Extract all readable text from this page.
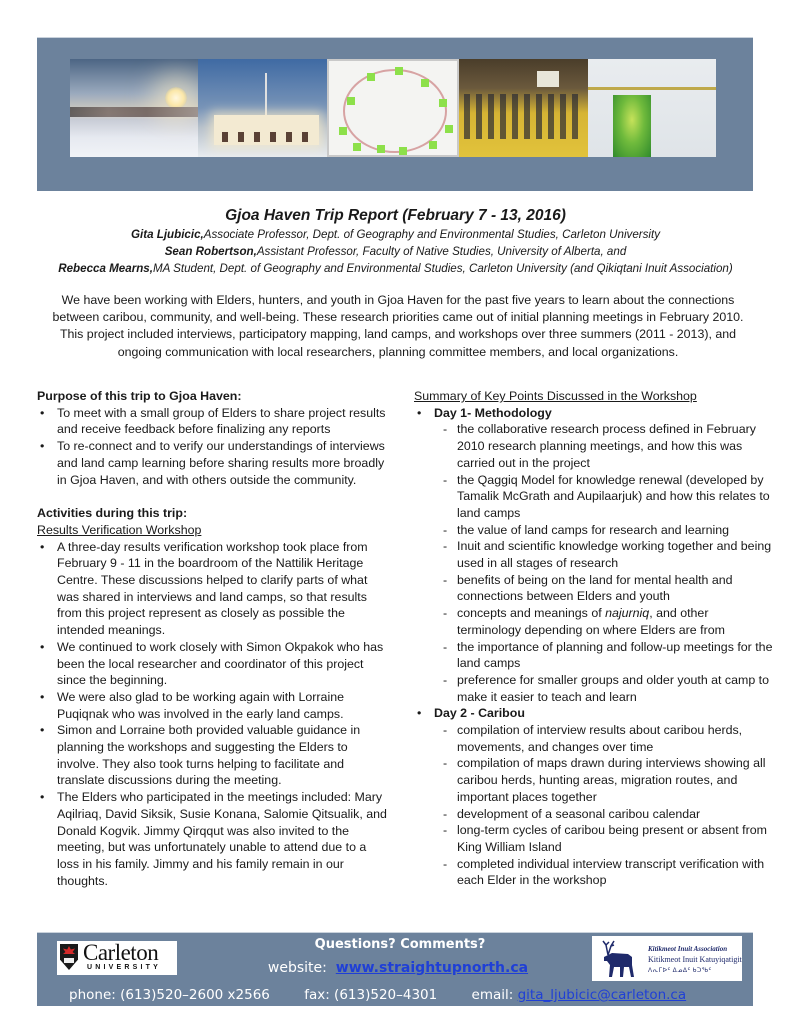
Gjoa Haven Trip Report (February 7 - 13, 2016)
Gita Ljubicic,Associate Professor, Dept. of Geography and Environmental Studies, Carleton University
Sean Robertson,Assistant Professor, Faculty of Native Studies, University of Alberta, and
Rebecca Mearns,MA Student, Dept. of Geography and Environmental Studies, Carleton University (and Qikiqtani Inuit Association)
We have been working with Elders, hunters, and youth in Gjoa Haven for the past five years to learn about the connections between caribou, community, and well-being. These research priorities came out of initial planning meetings in February 2010. This project included interviews, participatory mapping, land camps, and workshops over three summers (2011 - 2013), and ongoing communication with local researchers, planning committee members, and local organizations.
Purpose of this trip to Gjoa Haven:
• To meet with a small group of Elders to share project results and receive feedback before finalizing any reports
• To re-connect and to verify our understandings of interviews and land camp learning before sharing results more broadly in Gjoa Haven, and with others outside the community.
Activities during this trip:
Results Verification Workshop
• A three-day results verification workshop took place from February 9 - 11 in the boardroom of the Nattilik Heritage Centre. These discussions helped to clarify parts of what was shared in interviews and land camps, so that results from this project represent as closely as possible the intended meanings.
• We continued to work closely with Simon Okpakok who has been the local researcher and coordinator of this project since the beginning.
• We were also glad to be working again with Lorraine Puqiqnak who was involved in the early land camps.
• Simon and Lorraine both provided valuable guidance in planning the workshops and suggesting the Elders to involve. They also took turns helping to facilitate and translate discussions during the meeting.
• The Elders who participated in the meetings included: Mary Aqilriaq, David Siksik, Susie Konana, Salomie Qitsualik, and Donald Kogvik. Jimmy Qirqqut was also invited to the meeting, but was unfortunately unable to attend due to a loss in his family. Jimmy and his family remain in our thoughts.
Summary of Key Points Discussed in the Workshop
• Day 1- Methodology
- the collaborative research process defined in February 2010 research planning meetings, and how this was carried out in the project
- the Qaggiq Model for knowledge renewal (developed by Tamalik McGrath and Aupilaarjuk) and how this relates to land camps
- the value of land camps for research and learning
- Inuit and scientific knowledge working together and being used in all stages of research
- benefits of being on the land for mental health and connections between Elders and youth
- concepts and meanings of najurniq, and other terminology depending on where Elders are from
- the importance of planning and follow-up meetings for the land camps
- preference for smaller groups and older youth at camp to make it easier to teach and learn
• Day 2 - Caribou
- compilation of interview results about caribou herds, movements, and changes over time
- compilation of maps drawn during interviews showing all caribou herds, hunting areas, migration routes, and important places together
- development of a seasonal caribou calendar
- long-term cycles of caribou being present or absent from King William Island
- completed individual interview transcript verification with each Elder in the workshop
Carleton
UNIVERSITY
Questions? Comments?
website: www.straightupnorth.ca
Kitikmeot Inuit Association
Kitikmeot Inuit Katuyiqatigit
ᐱᕆᒥᐅᑦ ᐃᓄᐃᑦ ᑲᑐᖃᑦ
phone: (613)520–2600 x2566	fax: (613)520–4301	email: gita_ljubicic@carleton.ca
